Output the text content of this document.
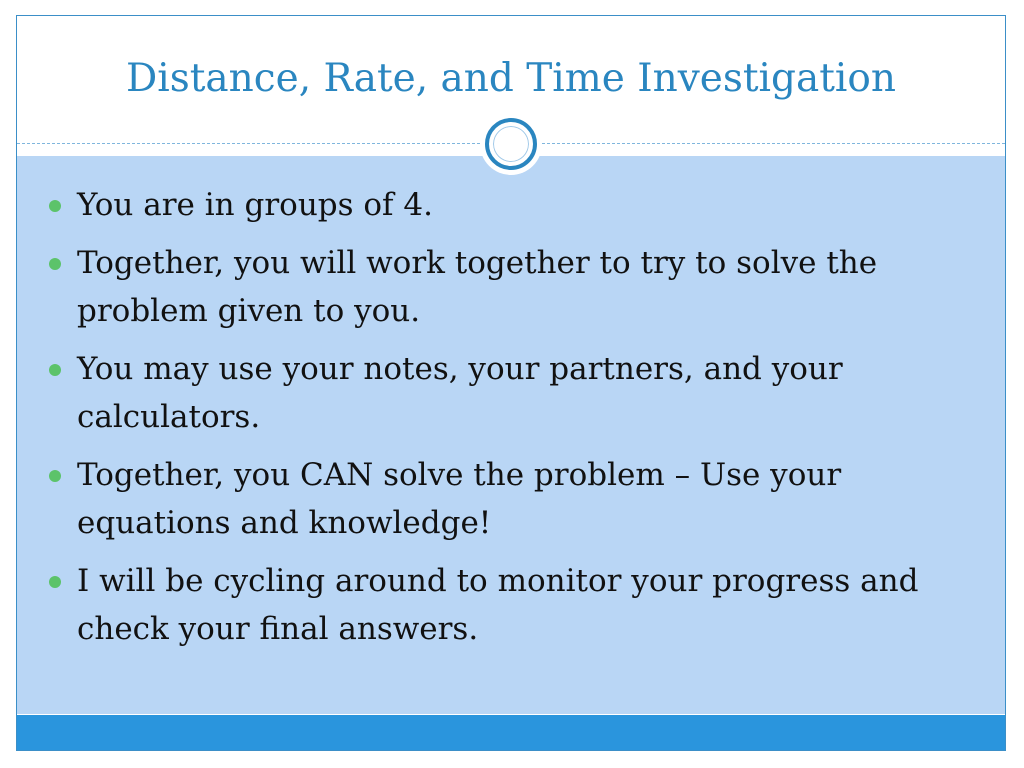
Distance, Rate, and Time Investigation
You are in groups of 4.
Together, you will work together to try to solve the problem given to you.
You may use your notes, your partners, and your calculators.
Together, you CAN solve the problem – Use your equations and knowledge!
I will be cycling around to monitor your progress and check your final answers.
